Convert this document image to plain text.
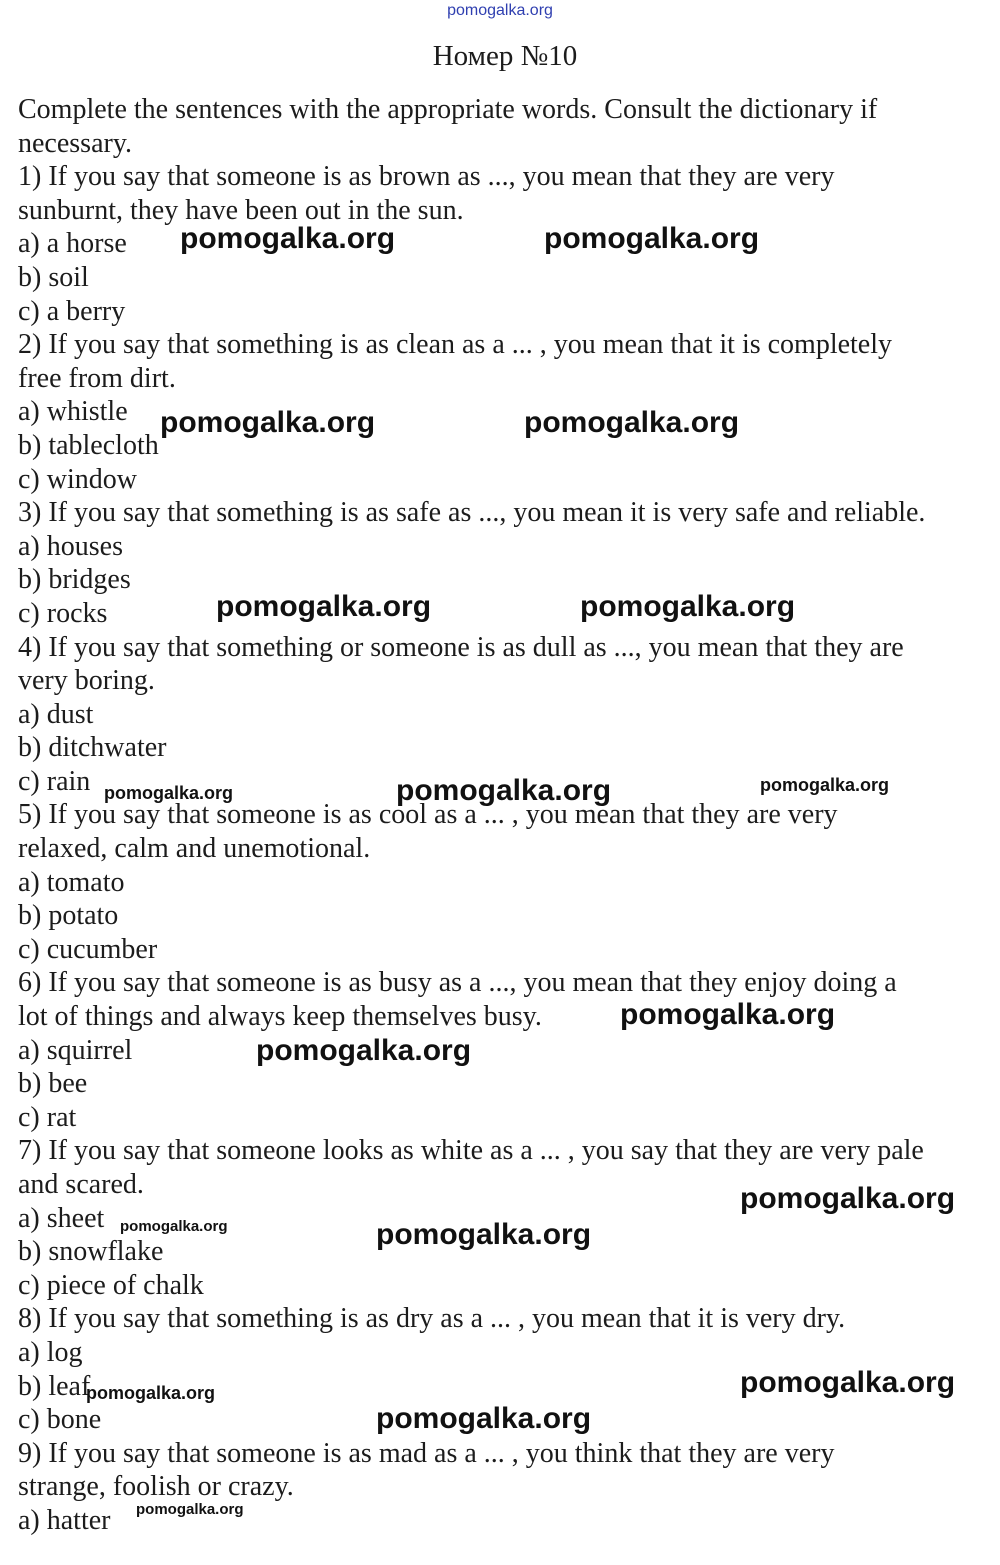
pomogalka.org
Номер №10
Complete the sentences with the appropriate words. Consult the dictionary if
necessary.
1) If you say that someone is as brown as ..., you mean that they are very
sunburnt, they have been out in the sun.
a) a horse
b) soil
c) a berry
2) If you say that something is as clean as a ... , you mean that it is completely
free from dirt.
a) whistle
b) tablecloth
c) window
3) If you say that something is as safe as ..., you mean it is very safe and reliable.
a) houses
b) bridges
c) rocks
4) If you say that something or someone is as dull as ..., you mean that they are
very boring.
a) dust
b) ditchwater
c) rain
5) If you say that someone is as cool as a ... , you mean that they are very
relaxed, calm and unemotional.
a) tomato
b) potato
c) cucumber
6) If you say that someone is as busy as a ..., you mean that they enjoy doing a
lot of things and always keep themselves busy.
a) squirrel
b) bee
c) rat
7) If you say that someone looks as white as a ... , you say that they are very pale
and scared.
a) sheet
b) snowflake
c) piece of chalk
8) If you say that something is as dry as a ... , you mean that it is very dry.
a) log
b) leaf
c) bone
9) If you say that someone is as mad as a ... , you think that they are very
strange, foolish or crazy.
a) hatter
pomogalka.org	pomogalka.org
pomogalka.org	pomogalka.org
pomogalka.org	pomogalka.org
pomogalka.org	pomogalka.org	pomogalka.org
pomogalka.org
pomogalka.org
pomogalka.org
pomogalka.org	pomogalka.org
pomogalka.org	pomogalka.org
pomogalka.org
pomogalka.org
